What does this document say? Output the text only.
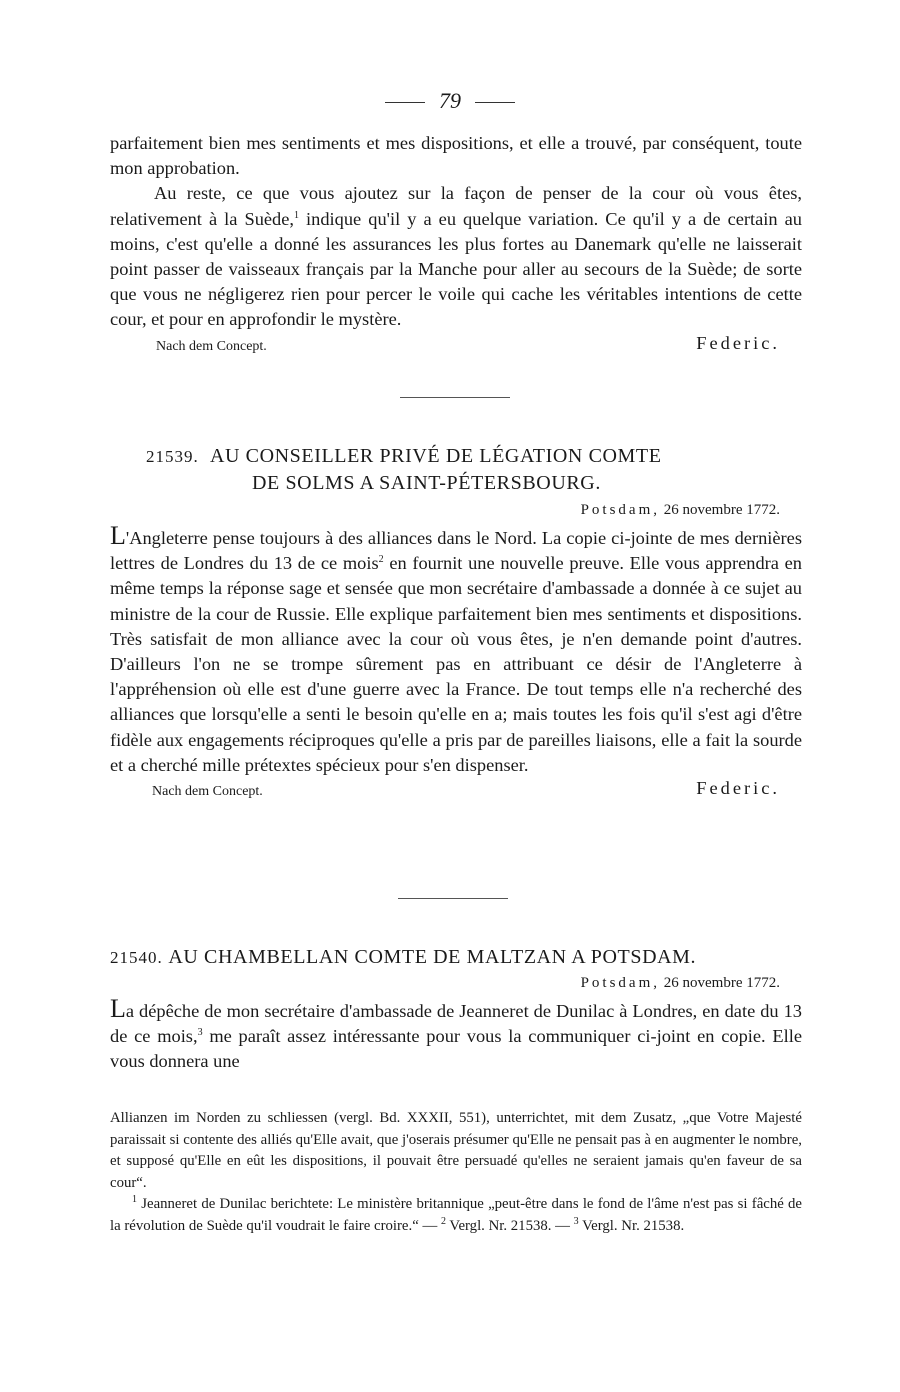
79

parfaitement bien mes sentiments et mes dispositions, et elle a trouvé, par conséquent, toute mon approbation.

Au reste, ce que vous ajoutez sur la façon de penser de la cour où vous êtes, relativement à la Suède,$^1$ indique qu'il y a eu quelque variation. Ce qu'il y a de certain au moins, c'est qu'elle a donné les assurances les plus fortes au Danemark qu'elle ne laisserait point passer de vaisseaux français par la Manche pour aller au secours de la Suède; de sorte que vous ne négligerez rien pour percer le voile qui cache les véritables intentions de cette cour, et pour en approfondir le mystère.

Nach dem Concept.	Federic.
21539. AU CONSEILLER PRIVÉ DE LÉGATION COMTE
DE SOLMS A SAINT-PÉTERSBOURG.
Potsdam, 26 novembre 1772.

L'Angleterre pense toujours à des alliances dans le Nord. La copie ci-jointe de mes dernières lettres de Londres du 13 de ce mois$^2$ en fournit une nouvelle preuve. Elle vous apprendra en même temps la réponse sage et sensée que mon secrétaire d'ambassade a donnée à ce sujet au ministre de la cour de Russie. Elle explique parfaitement bien mes sentiments et dispositions. Très satisfait de mon alliance avec la cour où vous êtes, je n'en demande point d'autres. D'ailleurs l'on ne se trompe sûrement pas en attribuant ce désir de l'Angleterre à l'appréhension où elle est d'une guerre avec la France. De tout temps elle n'a recherché des alliances que lorsqu'elle a senti le besoin qu'elle en a; mais toutes les fois qu'il s'est agi d'être fidèle aux engagements réciproques qu'elle a pris par de pareilles liaisons, elle a fait la sourde et a cherché mille prétextes spécieux pour s'en dispenser.

Nach dem Concept.	Federic.
21540. AU CHAMBELLAN COMTE DE MALTZAN A POTSDAM.
Potsdam, 26 novembre 1772.

La dépêche de mon secrétaire d'ambassade de Jeanneret de Dunilac à Londres, en date du 13 de ce mois,$^3$ me paraît assez intéressante pour vous la communiquer ci-joint en copie. Elle vous donnera une

Allianzen im Norden zu schliessen (vergl. Bd. XXXII, 551), unterrichtet, mit dem Zusatz, „que Votre Majesté paraissait si contente des alliés qu'Elle avait, que j'oserais présumer qu'Elle ne pensait pas à en augmenter le nombre, et supposé qu'Elle en eût les dispositions, il pouvait être persuadé qu'elles ne seraient jamais qu'en faveur de sa cour“.

$^1$ Jeanneret de Dunilac berichtete: Le ministère britannique „peut-être dans le fond de l'âme n'est pas si fâché de la révolution de Suède qu'il voudrait le faire croire.“ — $^2$ Vergl. Nr. 21538. — $^3$ Vergl. Nr. 21538.
